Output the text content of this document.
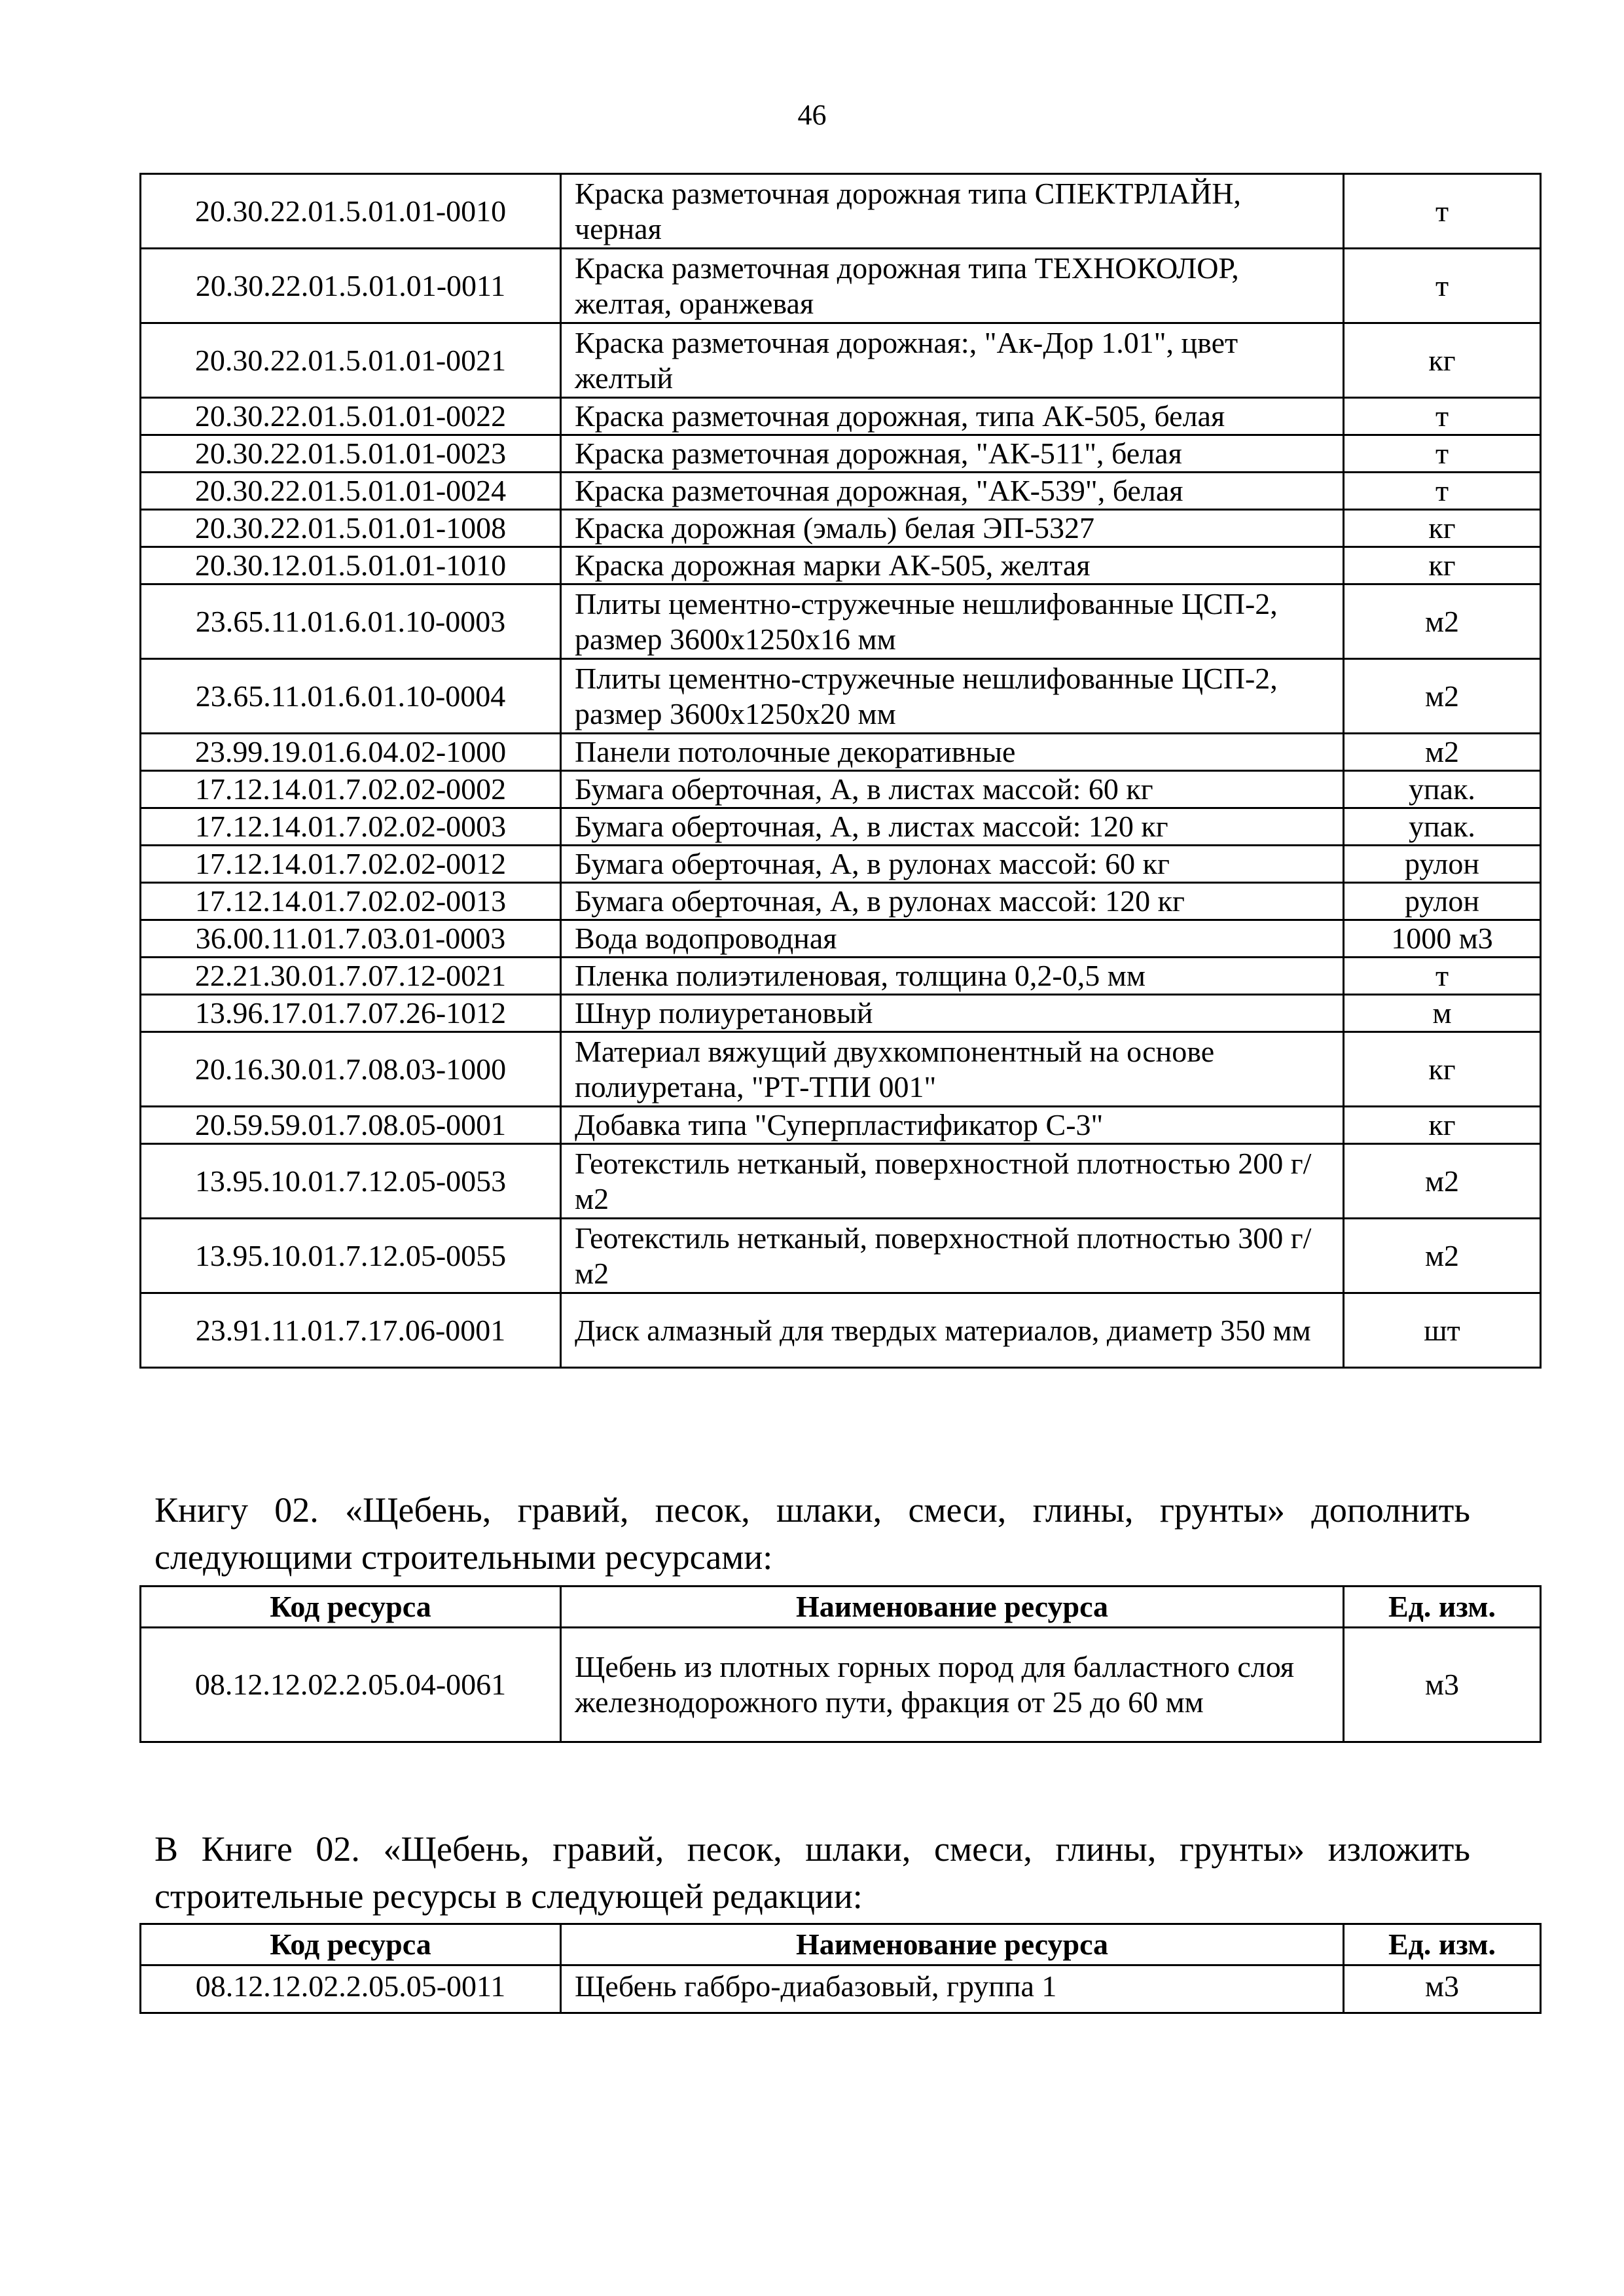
46
20.30.22.01.5.01.01-0010	Краска разметочная дорожная типа СПЕКТРЛАЙН, черная	т
20.30.22.01.5.01.01-0011	Краска разметочная дорожная типа ТЕХНОКОЛОР, желтая, оранжевая	т
20.30.22.01.5.01.01-0021	Краска разметочная дорожная:, "Ак-Дор 1.01", цвет желтый	кг
20.30.22.01.5.01.01-0022	Краска разметочная дорожная, типа АК-505, белая	т
20.30.22.01.5.01.01-0023	Краска разметочная дорожная, "АК-511", белая	т
20.30.22.01.5.01.01-0024	Краска разметочная дорожная, "АК-539", белая	т
20.30.22.01.5.01.01-1008	Краска дорожная (эмаль) белая ЭП-5327	кг
20.30.12.01.5.01.01-1010	Краска дорожная марки АК-505, желтая	кг
23.65.11.01.6.01.10-0003	Плиты цементно-стружечные нешлифованные ЦСП-2, размер 3600x1250x16 мм	м2
23.65.11.01.6.01.10-0004	Плиты цементно-стружечные нешлифованные ЦСП-2, размер 3600x1250x20 мм	м2
23.99.19.01.6.04.02-1000	Панели потолочные декоративные	м2
17.12.14.01.7.02.02-0002	Бумага оберточная, А, в листах массой: 60 кг	упак.
17.12.14.01.7.02.02-0003	Бумага оберточная, А, в листах массой: 120 кг	упак.
17.12.14.01.7.02.02-0012	Бумага оберточная, А, в рулонах массой: 60 кг	рулон
17.12.14.01.7.02.02-0013	Бумага оберточная, А, в рулонах массой: 120 кг	рулон
36.00.11.01.7.03.01-0003	Вода водопроводная	1000 м3
22.21.30.01.7.07.12-0021	Пленка полиэтиленовая, толщина 0,2-0,5 мм	т
13.96.17.01.7.07.26-1012	Шнур полиуретановый	м
20.16.30.01.7.08.03-1000	Материал вяжущий двухкомпонентный на основе полиуретана, "РТ-ТПИ 001"	кг
20.59.59.01.7.08.05-0001	Добавка типа "Суперпластификатор С-3"	кг
13.95.10.01.7.12.05-0053	Геотекстиль нетканый, поверхностной плотностью 200 г/м2	м2
13.95.10.01.7.12.05-0055	Геотекстиль нетканый, поверхностной плотностью 300 г/м2	м2
23.91.11.01.7.17.06-0001	Диск алмазный для твердых материалов, диаметр 350 мм	шт

Книгу 02. «Щебень, гравий, песок, шлаки, смеси, глины, грунты» дополнить следующими строительными ресурсами:

Код ресурса	Наименование ресурса	Ед. изм.
08.12.12.02.2.05.04-0061	Щебень из плотных горных пород для балластного слоя железнодорожного пути, фракция от 25 до 60 мм	м3

В Книге 02. «Щебень, гравий, песок, шлаки, смеси, глины, грунты» изложить строительные ресурсы в следующей редакции:

Код ресурса	Наименование ресурса	Ед. изм.
08.12.12.02.2.05.05-0011	Щебень габбро-диабазовый, группа 1	м3
